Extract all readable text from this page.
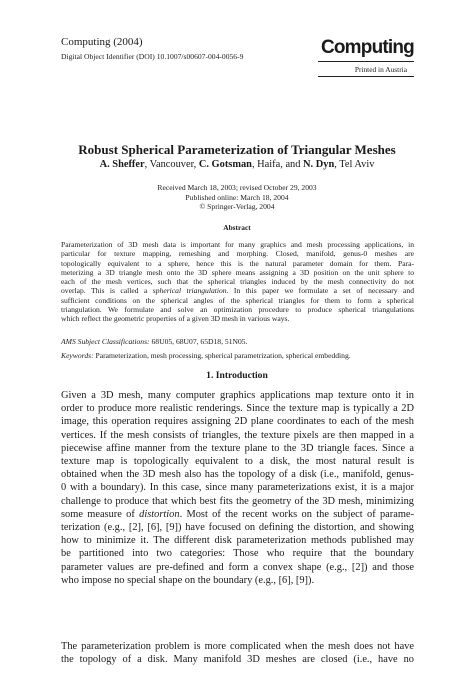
Computing (2004)
Digital Object Identifier (DOI) 10.1007/s00607-004-0056-9	Computing
Printed in Austria
Robust Spherical Parameterization of Triangular Meshes
A. Sheffer, Vancouver, C. Gotsman, Haifa, and N. Dyn, Tel Aviv
Received March 18, 2003; revised October 29, 2003
Published online: March 18, 2004
© Springer-Verlag, 2004
Abstract
Parameterization of 3D mesh data is important for many graphics and mesh processing applications, in
particular for texture mapping, remeshing and morphing. Closed, manifold, genus-0 meshes are
topologically equivalent to a sphere, hence this is the natural parameter domain for them. Para-
meterizing a 3D triangle mesh onto the 3D sphere means assigning a 3D position on the unit sphere to
each of the mesh vertices, such that the spherical triangles induced by the mesh connectivity do not
overlap. This is called a spherical triangulation. In this paper we formulate a set of necessary and
sufficient conditions on the spherical angles of the spherical triangles for them to form a spherical
triangulation. We formulate and solve an optimization procedure to produce spherical triangulations
which reflect the geometric properties of a given 3D mesh in various ways.
AMS Subject Classifications: 68U05, 68U07, 65D18, 51N05.
Keywords: Parameterization, mesh processing, spherical parametrization, spherical embedding.
1. Introduction
Given a 3D mesh, many computer graphics applications map texture onto it in
order to produce more realistic renderings. Since the texture map is typically a 2D
image, this operation requires assigning 2D plane coordinates to each of the mesh
vertices. If the mesh consists of triangles, the texture pixels are then mapped in a
piecewise affine manner from the texture plane to the 3D triangle faces. Since a
texture map is topologically equivalent to a disk, the most natural result is
obtained when the 3D mesh also has the topology of a disk (i.e., manifold, genus-
0 with a boundary). In this case, since many parameterizations exist, it is a major
challenge to produce that which best fits the geometry of the 3D mesh, minimizing
some measure of distortion. Most of the recent works on the subject of parame-
terization (e.g., [2], [6], [9]) have focused on defining the distortion, and showing
how to minimize it. The different disk parameterization methods published may
be partitioned into two categories: Those who require that the boundary
parameter values are pre-defined and form a convex shape (e.g., [2]) and those
who impose no special shape on the boundary (e.g., [6], [9]).
The parameterization problem is more complicated when the mesh does not have
the topology of a disk. Many manifold 3D meshes are closed (i.e., have no
